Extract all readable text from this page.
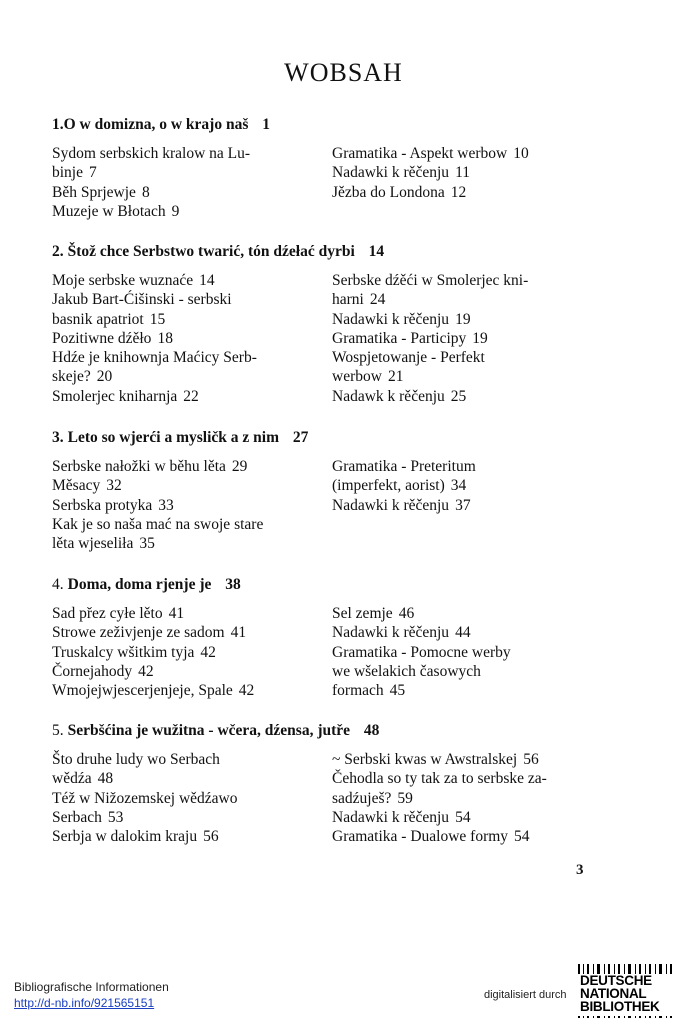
WOBSAH
1.O w domizna, o w krajo naš 1
Sydom serbskich kralow na Lu-
binje 7
Běh Sprjewje 8
Muzeje w Błotach 9
Gramatika - Aspekt werbow 10
Nadawki k rěčenju 11
Jězba do Londona 12
2. Štož chce Serbstwo twarić, tón dźełać dyrbi 14
Moje serbske wuznaće 14
Jakub Bart-Ćišinski - serbski
basnik apatriot 15
Pozitiwne dźěło 18
Hdźe je knihownja Maćicy Serb-
skeje? 20
Smolerjec kniharnja 22
Serbske dźěći w Smolerjec kni-
harni 24
Nadawki k rěčenju 19
Gramatika - Participy 19
Wospjetowanje - Perfekt
werbow 21
Nadawk k rěčenju 25
3. Leto so wjerći a mysličk a z nim 27
Serbske nałožki w běhu lěta 29
Měsacy 32
Serbska protyka 33
Kak je so naša mać na swoje stare
lěta wjeseliła 35
Gramatika - Preteritum
(imperfekt, aorist) 34
Nadawki k rěčenju 37
4. Doma, doma rjenje je 38
Sad přez cyłe lěto 41
Strowe zeživjenje ze sadom 41
Truskalcy wšitkim tyja 42
Čornejahody 42
Wmojejwjescerjenjeje, Spale 42
Sel zemje 46
Nadawki k rěčenju 44
Gramatika - Pomocne werby
we wšelakich časowych
formach 45
5. Serbšćina je wužitna - wčera, dźensa, jutře 48
Što druhe ludy wo Serbach
wědźa 48
Též w Nižozemskej wědźawo
Serbach 53
Serbja w dalokim kraju 56
~ Serbski kwas w Awstralskej 56
Čehodla so ty tak za to serbske za-
sadźuješ? 59
Nadawki k rěčenju 54
Gramatika - Dualowe formy 54
3
Bibliografische Informationen
http://d-nb.info/921565151
digitalisiert durch
DEUTSCHE
NATIONAL
BIBLIOTHEK
